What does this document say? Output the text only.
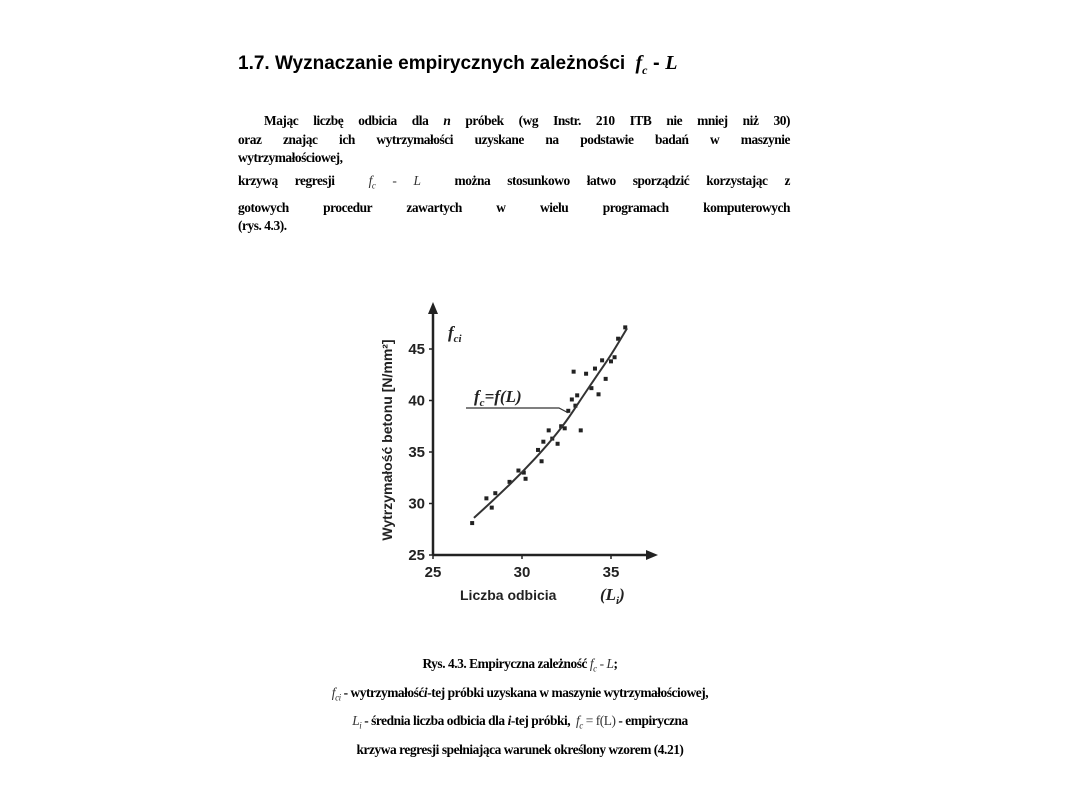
1.7. Wyznaczanie empirycznych zależności $f_c$ - L
Mając liczbę odbicia dla n próbek (wg Instr. 210 ITB nie mniej niż 30)
oraz znając ich wytrzymałości uzyskane na podstawie badań w maszynie
wytrzymałościowej,
krzywą regresji	$f_c$ - L	można stosunkowo łatwo sporządzić korzystając z
gotowych procedur zawartych w wielu programach komputerowych
(rys. 4.3).
25	30	35
25
30
35
40
45
$f_c=f(L)$
$f_{ci}$
Wytrzymałość betonu [N/mm²]
Liczba odbicia	$(L_i)$
Rys. 4.3. Empiryczna zależność $f_c$ - L;
$f_{ci}$ - wytrzymałośći-tej próbki uzyskana w maszynie wytrzymałościowej,
$L_i$ - średnia liczba odbicia dla i-tej próbki, $f_c = f(L)$ - empiryczna
krzywa regresji spełniająca warunek określony wzorem (4.21)
